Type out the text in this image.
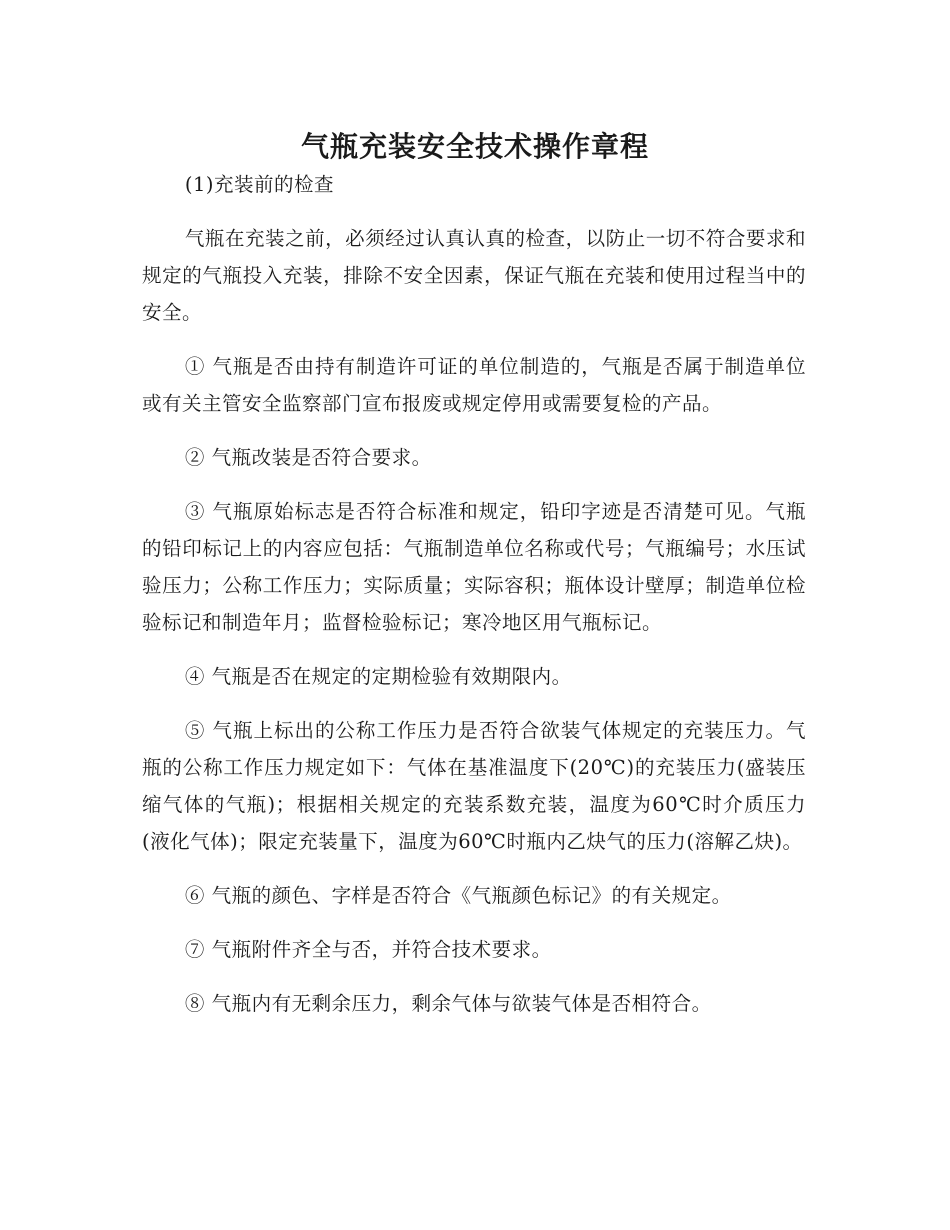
气瓶充装安全技术操作章程

(1)充装前的检查

气瓶在充装之前，必须经过认真认真的检查，以防止一切不符合要求和规定的气瓶投入充装，排除不安全因素，保证气瓶在充装和使用过程当中的安全。

① 气瓶是否由持有制造许可证的单位制造的，气瓶是否属于制造单位或有关主管安全监察部门宣布报废或规定停用或需要复检的产品。

② 气瓶改装是否符合要求。

③ 气瓶原始标志是否符合标准和规定，铅印字迹是否清楚可见。气瓶的铅印标记上的内容应包括：气瓶制造单位名称或代号；气瓶编号；水压试验压力；公称工作压力；实际质量；实际容积；瓶体设计壁厚；制造单位检验标记和制造年月；监督检验标记；寒冷地区用气瓶标记。

④ 气瓶是否在规定的定期检验有效期限内。

⑤ 气瓶上标出的公称工作压力是否符合欲装气体规定的充装压力。气瓶的公称工作压力规定如下：气体在基准温度下(20℃)的充装压力(盛装压缩气体的气瓶)；根据相关规定的充装系数充装，温度为60℃时介质压力(液化气体)；限定充装量下，温度为60℃时瓶内乙炔气的压力(溶解乙炔)。

⑥ 气瓶的颜色、字样是否符合《气瓶颜色标记》的有关规定。

⑦ 气瓶附件齐全与否，并符合技术要求。

⑧ 气瓶内有无剩余压力，剩余气体与欲装气体是否相符合。
